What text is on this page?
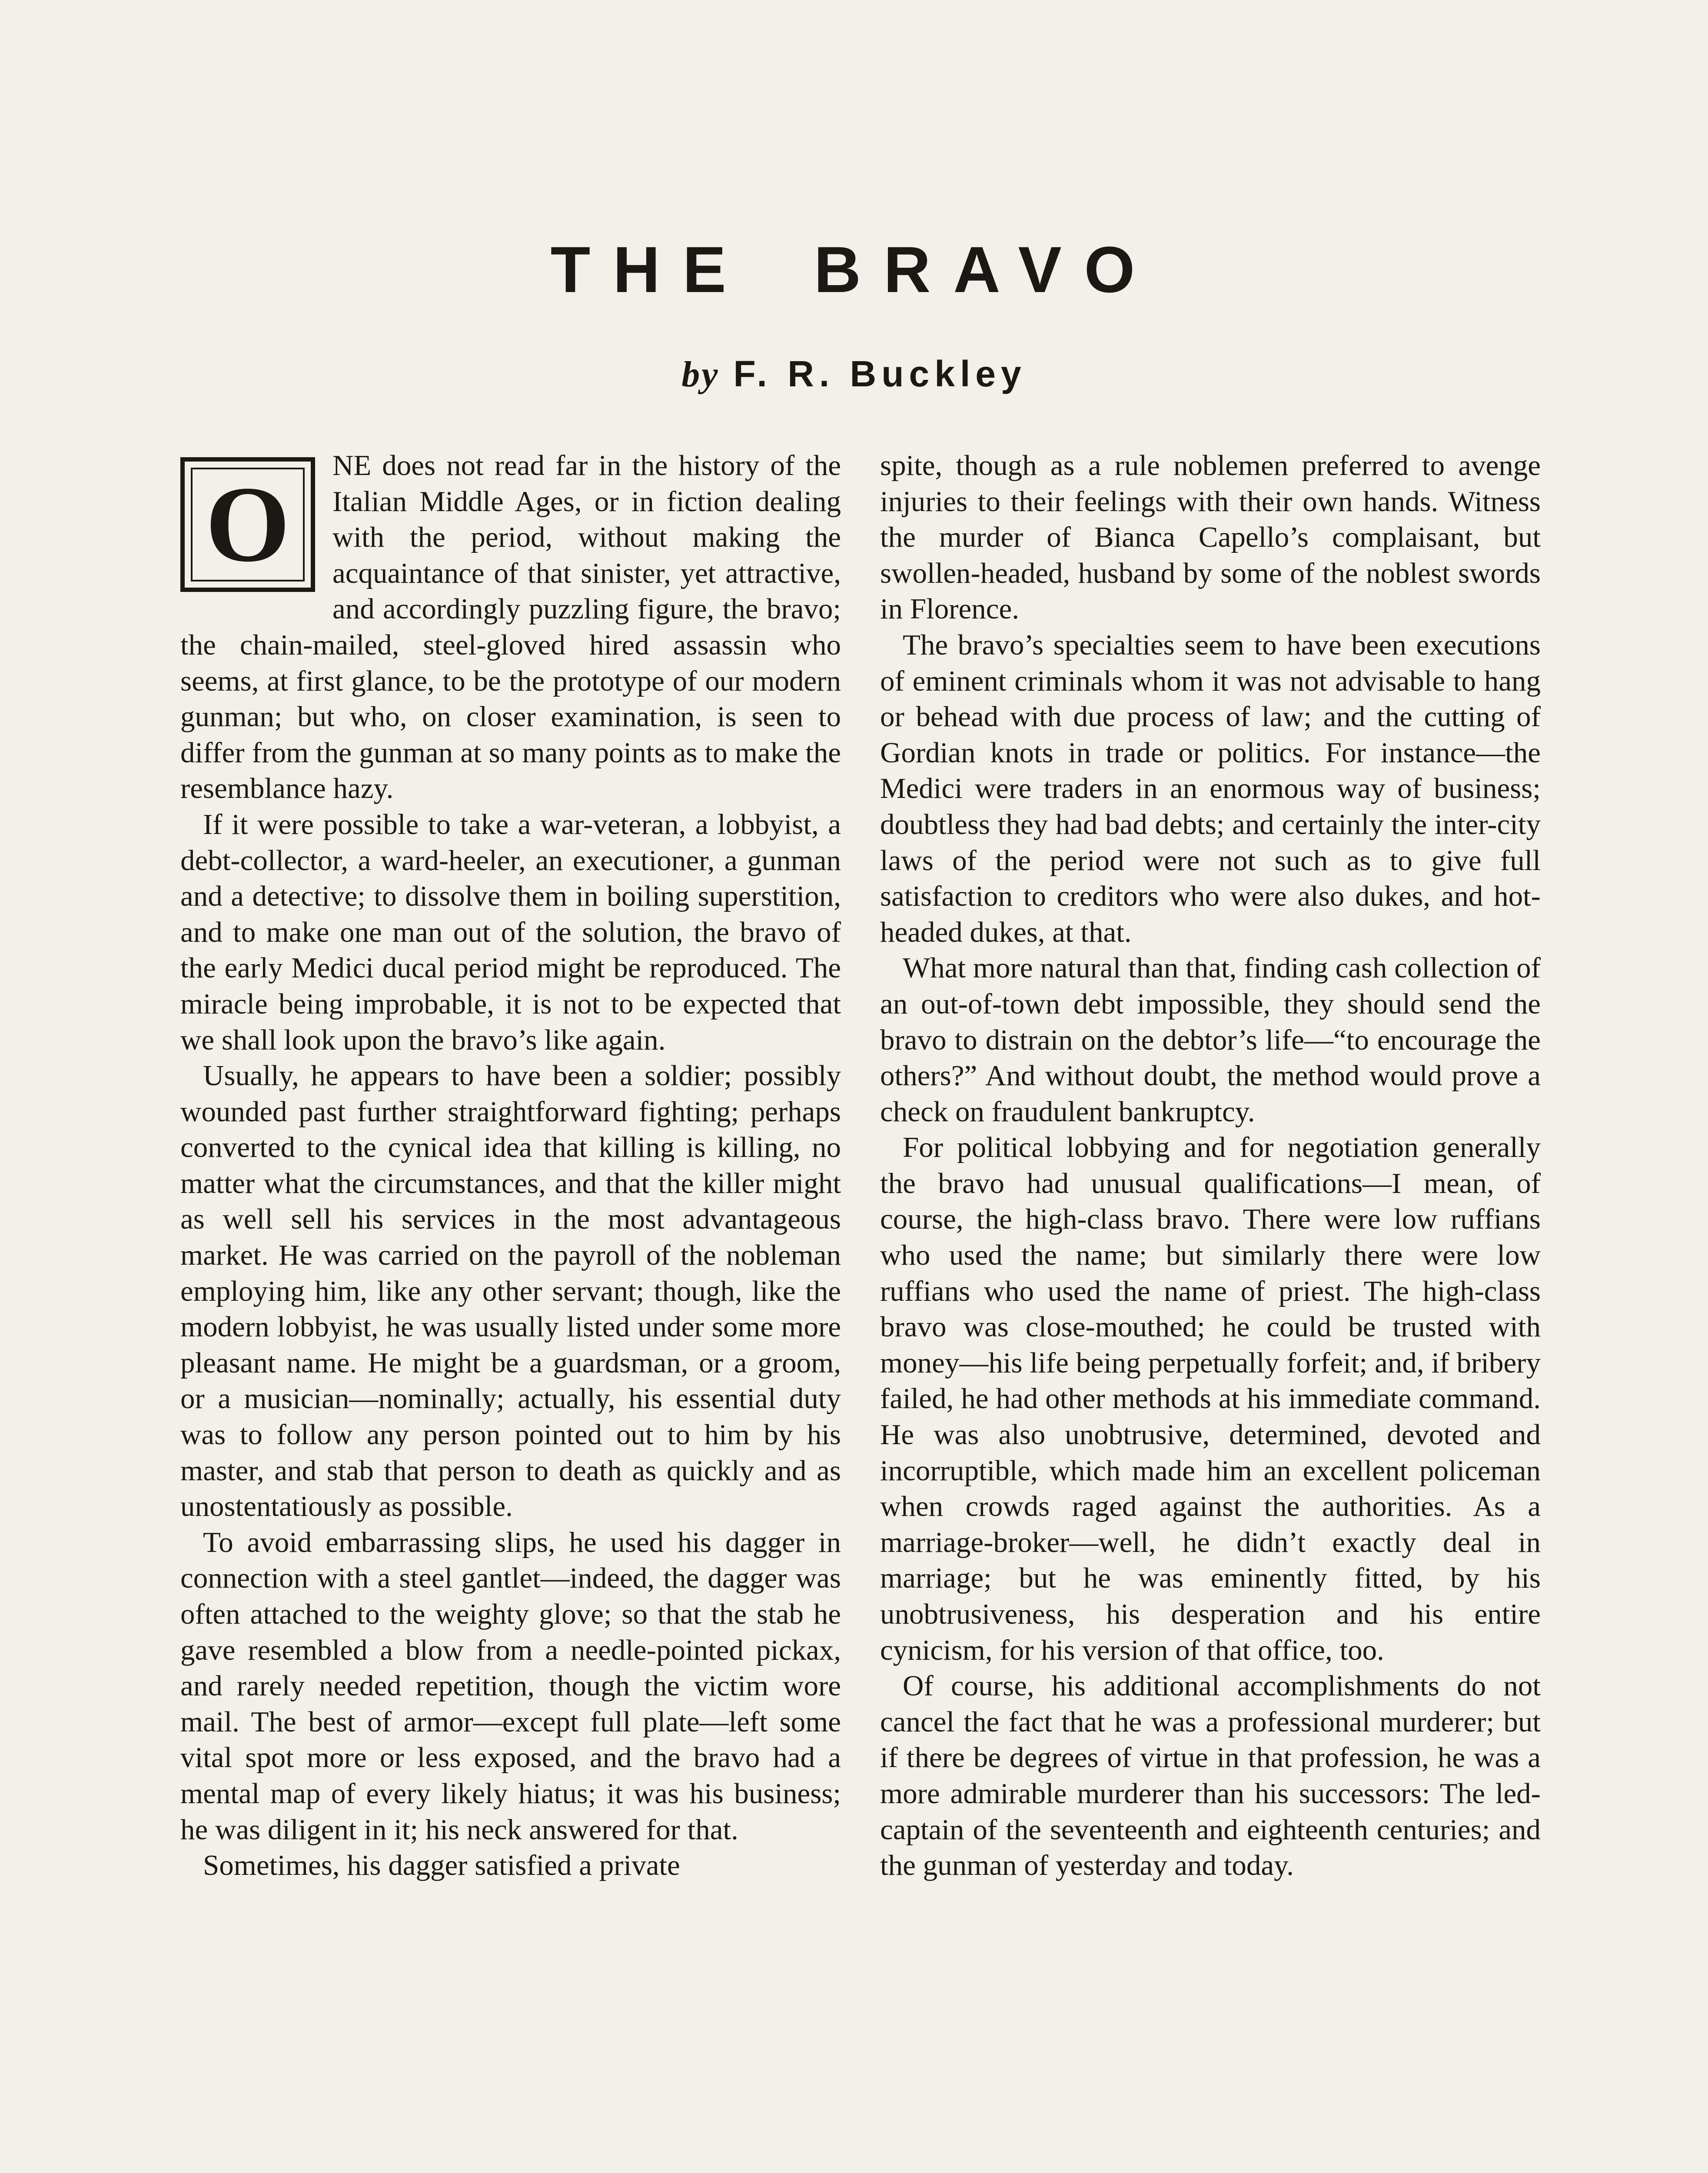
THE BRAVO
by F. R. Buckley

O	NE does not read far in the history of the Italian Middle Ages, or in fiction dealing with the period, without making the acquaintance of that sinister, yet attractive, and accordingly puzzling figure, the bravo; the chain-mailed, steel-gloved hired assassin who seems, at first glance, to be the prototype of our modern gunman; but who, on closer examination, is seen to differ from the gunman at so many points as to make the resemblance hazy.

If it were possible to take a war-veteran, a lobbyist, a debt-collector, a ward-heeler, an executioner, a gunman and a detective; to dissolve them in boiling superstition, and to make one man out of the solution, the bravo of the early Medici ducal period might be reproduced. The miracle being improbable, it is not to be expected that we shall look upon the bravo’s like again.

Usually, he appears to have been a soldier; possibly wounded past further straightforward fighting; perhaps converted to the cynical idea that killing is killing, no matter what the circumstances, and that the killer might as well sell his services in the most advantageous market. He was carried on the payroll of the nobleman employing him, like any other servant; though, like the modern lobbyist, he was usually listed under some more pleasant name. He might be a guardsman, or a groom, or a musician—nominally; actually, his essential duty was to follow any person pointed out to him by his master, and stab that person to death as quickly and as unostentatiously as possible.

To avoid embarrassing slips, he used his dagger in connection with a steel gantlet—indeed, the dagger was often attached to the weighty glove; so that the stab he gave resembled a blow from a needle-pointed pickax, and rarely needed repetition, though the victim wore mail. The best of armor—except full plate—left some vital spot more or less exposed, and the bravo had a mental map of every likely hiatus; it was his business; he was diligent in it; his neck answered for that.

Sometimes, his dagger satisfied a private

spite, though as a rule noblemen preferred to avenge injuries to their feelings with their own hands. Witness the murder of Bianca Capello’s complaisant, but swollen-headed, husband by some of the noblest swords in Florence.

The bravo’s specialties seem to have been executions of eminent criminals whom it was not advisable to hang or behead with due process of law; and the cutting of Gordian knots in trade or politics. For instance—the Medici were traders in an enormous way of business; doubtless they had bad debts; and certainly the inter-city laws of the period were not such as to give full satisfaction to creditors who were also dukes, and hot-headed dukes, at that.

What more natural than that, finding cash collection of an out-of-town debt impossible, they should send the bravo to distrain on the debtor’s life—“to encourage the others?” And without doubt, the method would prove a check on fraudulent bankruptcy.

For political lobbying and for negotiation generally the bravo had unusual qualifications—I mean, of course, the high-class bravo. There were low ruffians who used the name; but similarly there were low ruffians who used the name of priest. The high-class bravo was close-mouthed; he could be trusted with money—his life being perpetually forfeit; and, if bribery failed, he had other methods at his immediate command. He was also unobtrusive, determined, devoted and incorruptible, which made him an excellent policeman when crowds raged against the authorities. As a marriage-broker—well, he didn’t exactly deal in marriage; but he was eminently fitted, by his unobtrusiveness, his desperation and his entire cynicism, for his version of that office, too.

Of course, his additional accomplishments do not cancel the fact that he was a professional murderer; but if there be degrees of virtue in that profession, he was a more admirable murderer than his successors: The led-captain of the seventeenth and eighteenth centuries; and the gunman of yesterday and today.
